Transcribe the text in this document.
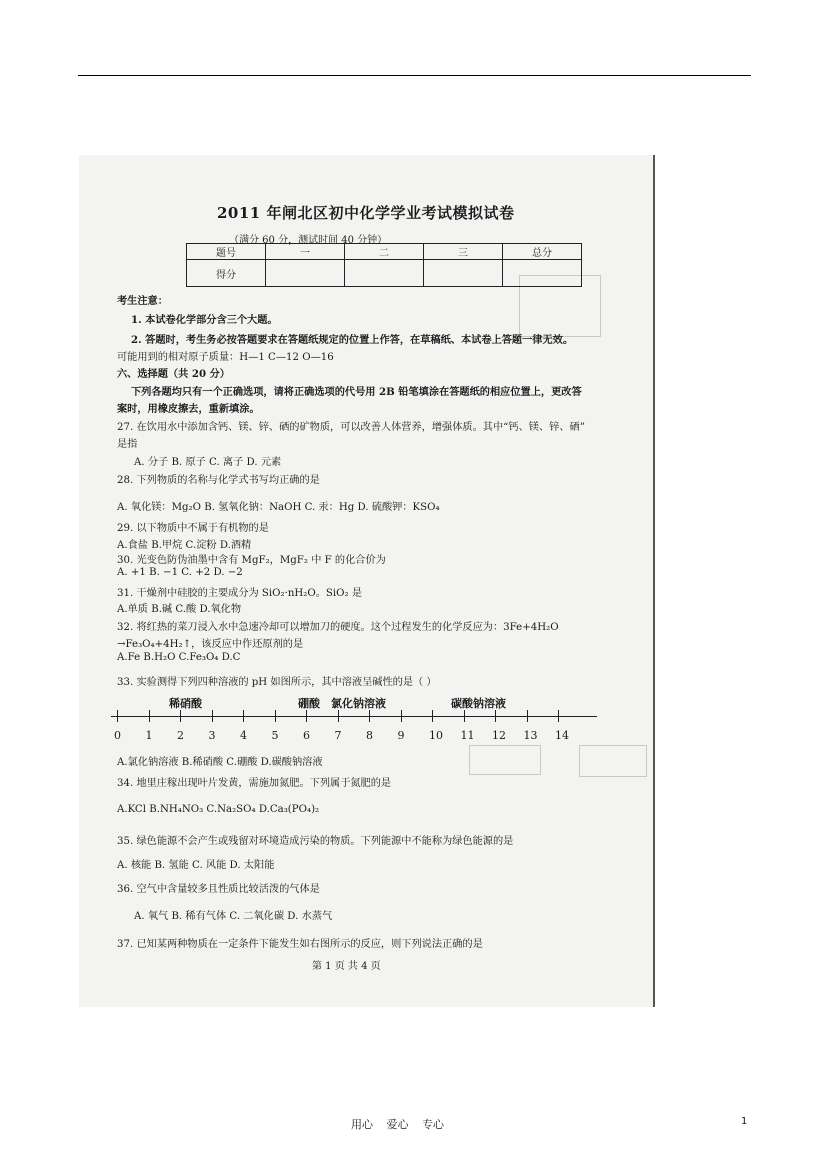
2011 年闸北区初中化学学业考试模拟试卷
（满分 60 分，测试时间 40 分钟）
题号	一	二	三	总分
得分				
考生注意：
1. 本试卷化学部分含三个大题。
2. 答题时，考生务必按答题要求在答题纸规定的位置上作答，在草稿纸、本试卷上答题一律无效。
可能用到的相对原子质量：H—1 C—12 O—16
六、选择题（共 20 分）
下列各题均只有一个正确选项，请将正确选项的代号用 2B 铅笔填涂在答题纸的相应位置上，更改答
案时，用橡皮擦去，重新填涂。
27. 在饮用水中添加含钙、镁、锌、硒的矿物质，可以改善人体营养，增强体质。其中“钙、镁、锌、硒”
是指
A. 分子 B. 原子 C. 离子 D. 元素
28. 下列物质的名称与化学式书写均正确的是
A. 氧化镁：Mg₂O B. 氢氧化钠：NaOH C. 汞：Hg D. 硫酸钾：KSO₄
29. 以下物质中不属于有机物的是
A.食盐 B.甲烷 C.淀粉 D.酒精
30. 光变色防伪油墨中含有 MgF₂，MgF₂ 中 F 的化合价为
A. +1 B. −1 C. +2 D. −2
31. 干燥剂中硅胶的主要成分为 SiO₂·nH₂O。SiO₂ 是
A.单质 B.碱 C.酸 D.氧化物
32. 将红热的菜刀浸入水中急速冷却可以增加刀的硬度。这个过程发生的化学反应为：3Fe+4H₂O
→Fe₃O₄+4H₂↑，该反应中作还原剂的是
A.Fe B.H₂O C.Fe₃O₄ D.C
33. 实验测得下列四种溶液的 pH 如图所示，其中溶液呈碱性的是（ ）
稀硝酸	硼酸 氯化钠溶液	碳酸钠溶液
0 1 2 3 4 5 6 7 8 9 10 11 12 13 14
A.氯化钠溶液 B.稀硝酸 C.硼酸 D.碳酸钠溶液
34. 地里庄稼出现叶片发黄，需施加氮肥。下列属于氮肥的是
A.KCl B.NH₄NO₃ C.Na₂SO₄ D.Ca₃(PO₄)₂
35. 绿色能源不会产生或残留对环境造成污染的物质。下列能源中不能称为绿色能源的是
A. 核能 B. 氢能 C. 风能 D. 太阳能
36. 空气中含量较多且性质比较活泼的气体是
A. 氧气 B. 稀有气体 C. 二氧化碳 D. 水蒸气
37. 已知某两种物质在一定条件下能发生如右图所示的反应，则下列说法正确的是
第 1 页 共 4 页
用心 爱心 专心	1
